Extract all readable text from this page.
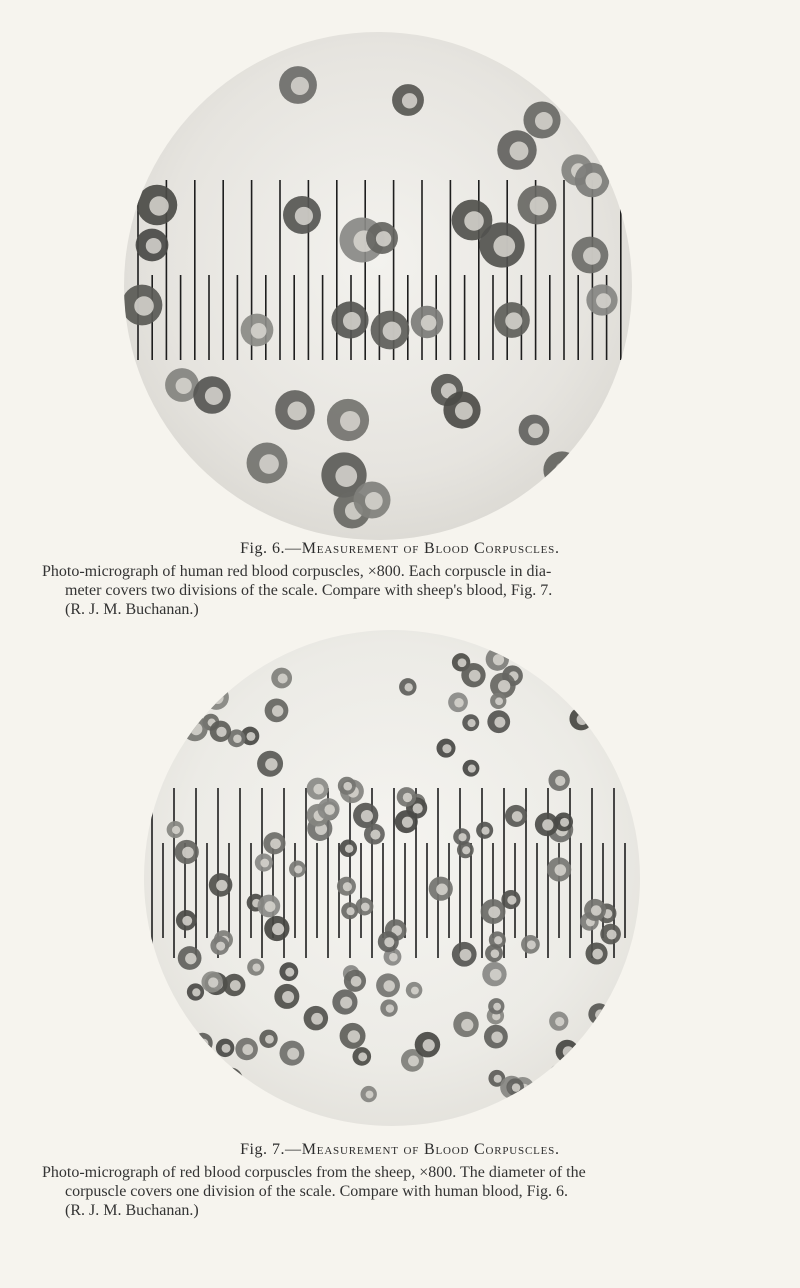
Fig. 6.—Measurement of Blood Corpuscles.
Photo-micrograph of human red blood corpuscles, ×800. Each corpuscle in dia-
meter covers two divisions of the scale. Compare with sheep's blood, Fig. 7.
(R. J. M. Buchanan.)
Fig. 7.—Measurement of Blood Corpuscles.
Photo-micrograph of red blood corpuscles from the sheep, ×800. The diameter of the
corpuscle covers one division of the scale. Compare with human blood, Fig. 6.
(R. J. M. Buchanan.)
